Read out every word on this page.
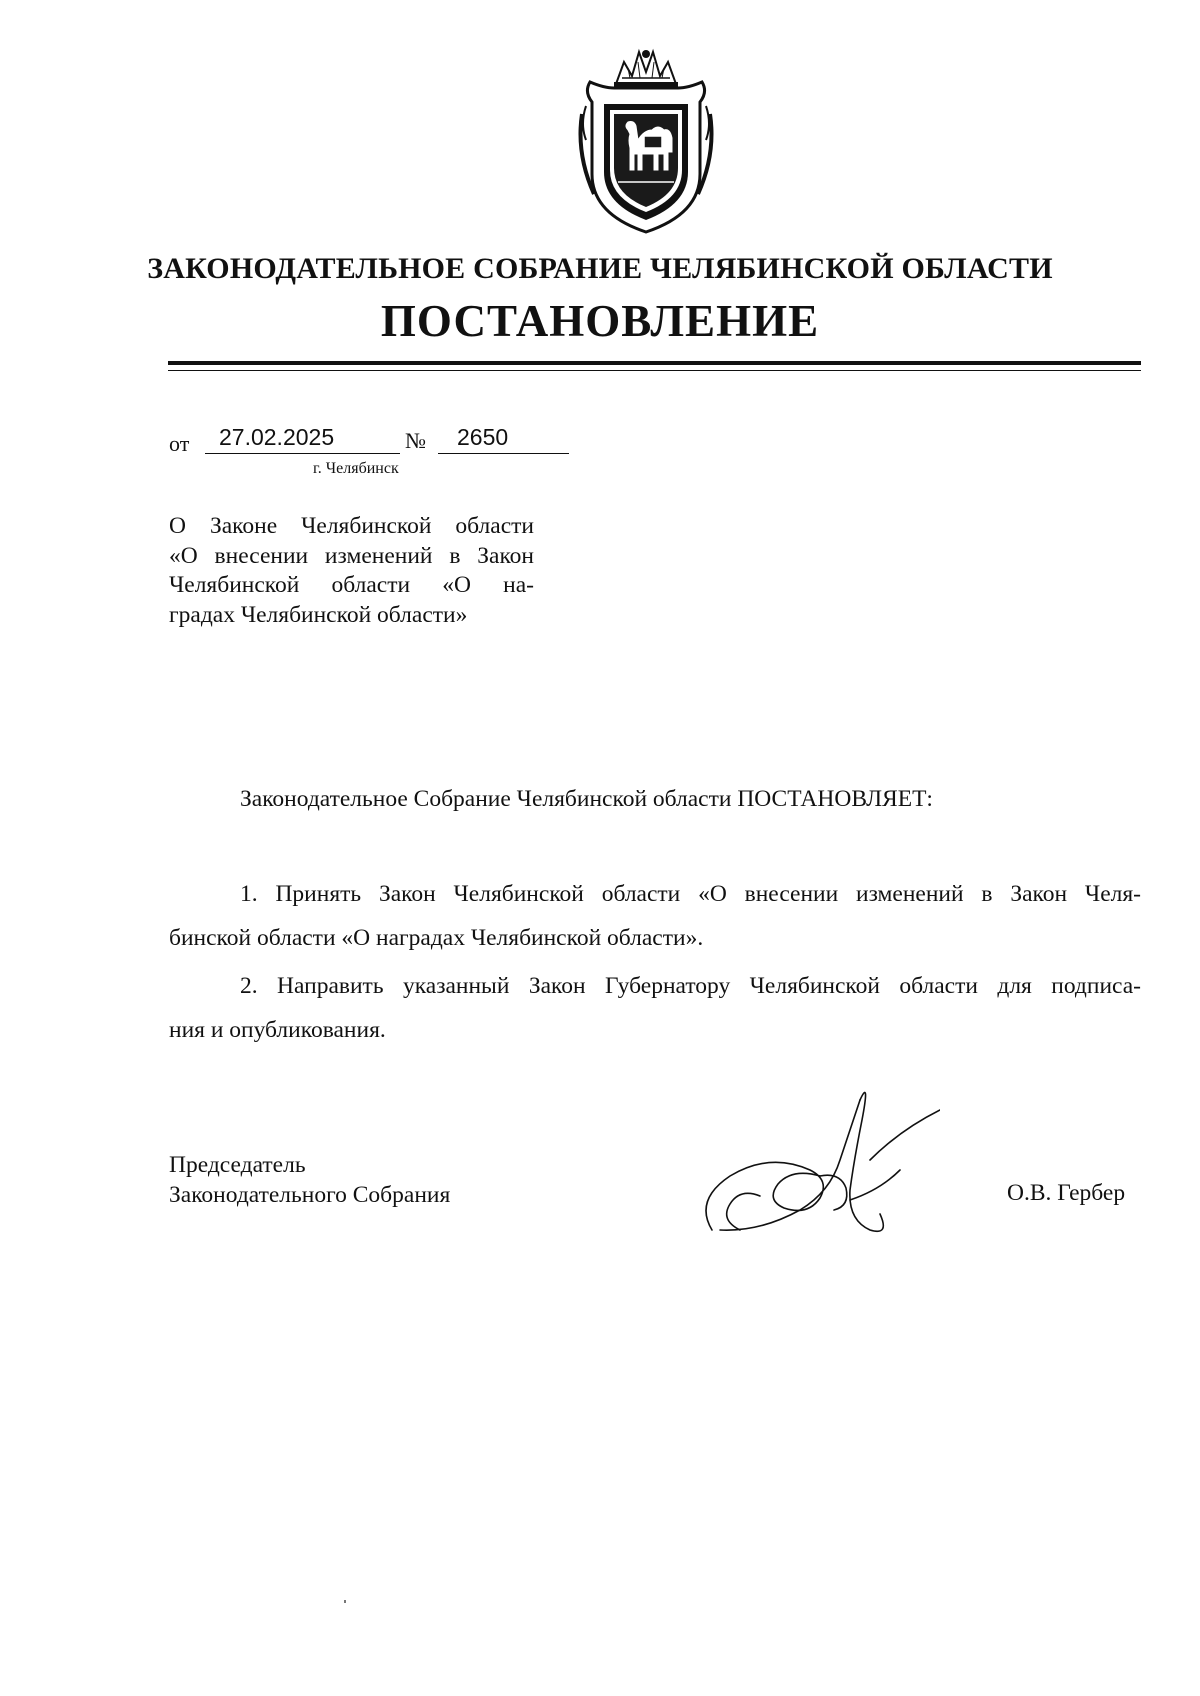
ЗАКОНОДАТЕЛЬНОЕ СОБРАНИЕ ЧЕЛЯБИНСКОЙ ОБЛАСТИ
ПОСТАНОВЛЕНИЕ
от 27.02.2025	№ 2650
г. Челябинск
О Законе Челябинской области
«О внесении изменений в Закон
Челябинской области «О на-
градах Челябинской области»
Законодательное Собрание Челябинской области ПОСТАНОВЛЯЕТ:
1. Принять Закон Челябинской области «О внесении изменений в Закон Челя-
бинской области «О наградах Челябинской области».
2. Направить указанный Закон Губернатору Челябинской области для подписа-
ния и опубликования.
Председатель
Законодательного Собрания	О.В. Гербер
